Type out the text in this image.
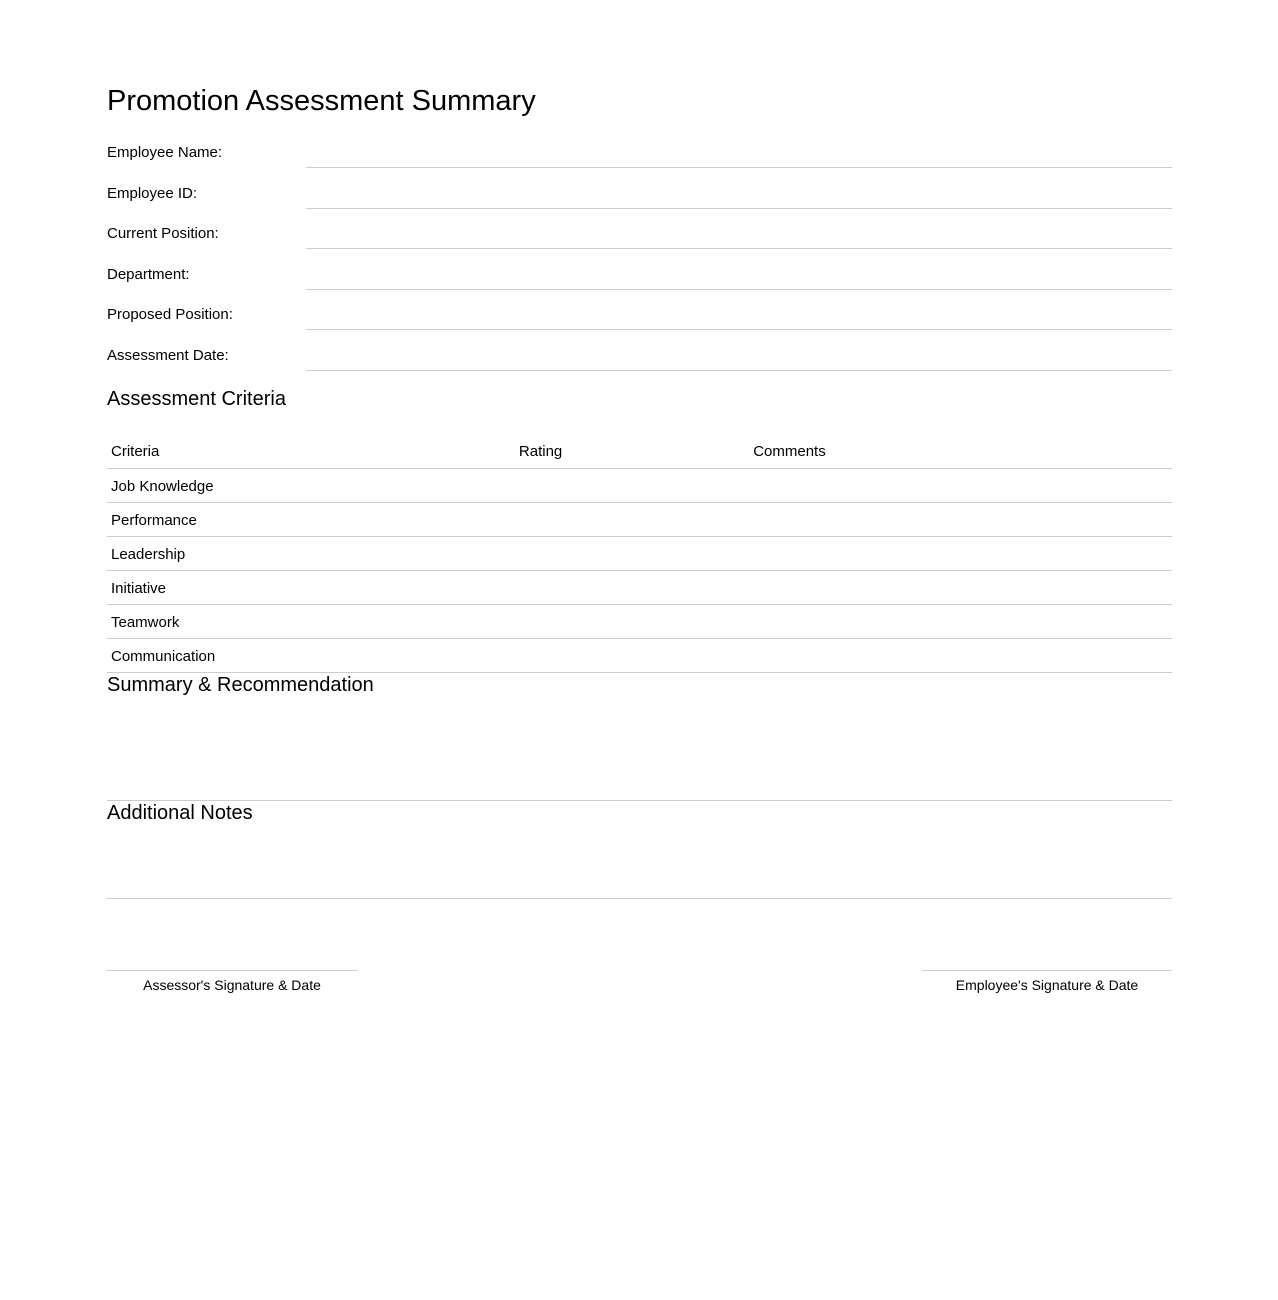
Promotion Assessment Summary
Employee Name:
Employee ID:
Current Position:
Department:
Proposed Position:
Assessment Date:
Assessment Criteria
Criteria	Rating	Comments
Job Knowledge		
Performance		
Leadership		
Initiative		
Teamwork		
Communication		
Summary & Recommendation
Additional Notes
Assessor's Signature & Date	Employee's Signature & Date
